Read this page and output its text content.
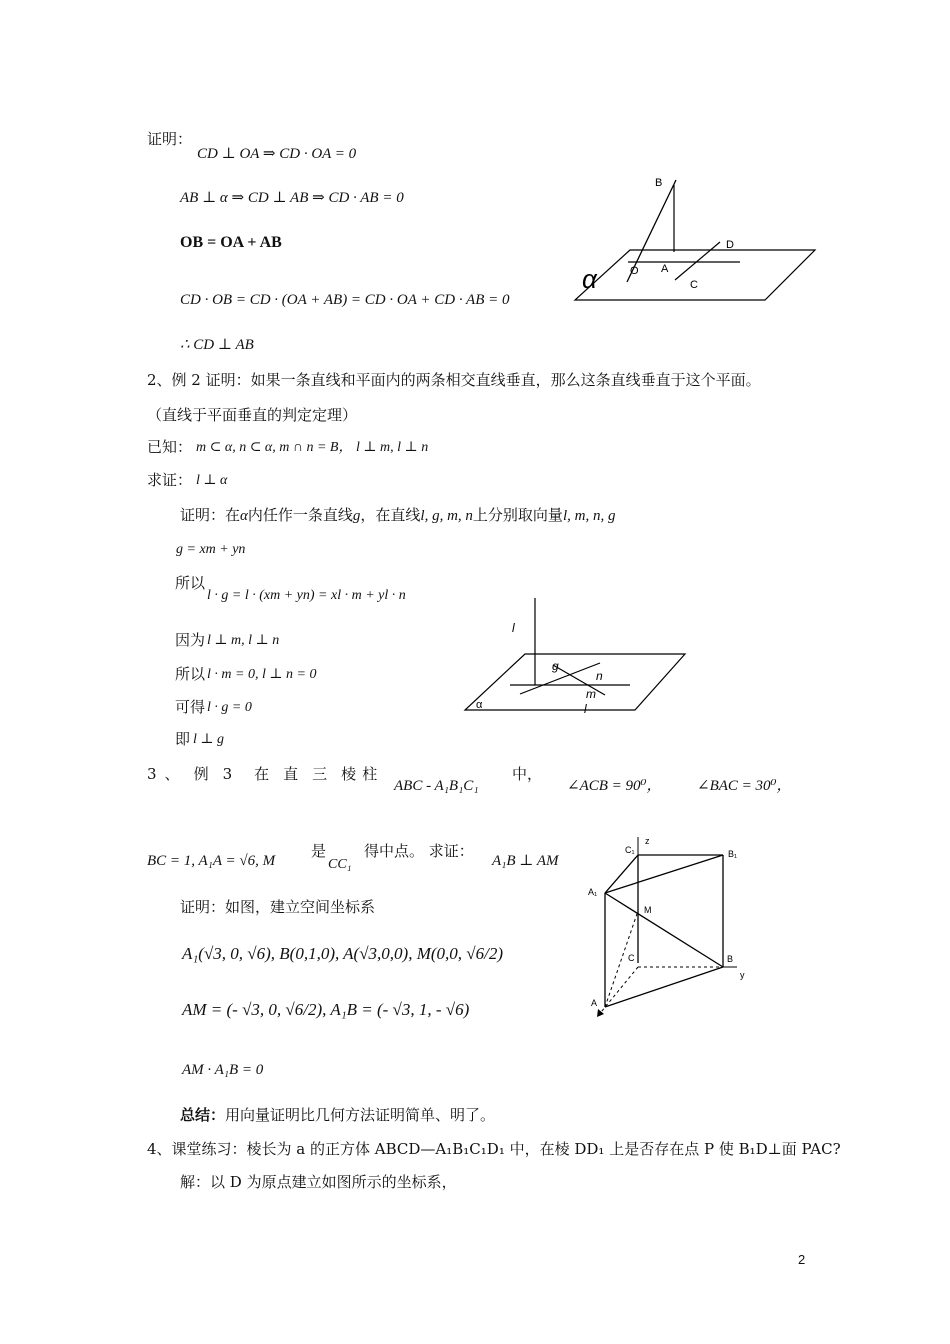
证明：
CD ⊥ OA ⇒ CD · OA = 0
AB ⊥ α ⇒ CD ⊥ AB ⇒ CD · AB = 0
OB = OA + AB
CD · OB = CD · (OA + AB) = CD · OA + CD · AB = 0
∴ CD ⊥ AB
B
D
O A
C
α
2、例 2 证明：如果一条直线和平面内的两条相交直线垂直，那么这条直线垂直于这个平面。
（直线于平面垂直的判定定理）
已知： m ⊂ α, n ⊂ α, m ∩ n = B， l ⊥ m, l ⊥ n
求证： l ⊥ α
证明：在α内任作一条直线g，在直线l, g, m, n上分别取向量l, m, n, g
g = xm + yn
所以
l · g = l · (xm + yn) = xl · m + yl · n
因为 l ⊥ m, l ⊥ n
所以 l · m = 0, l ⊥ n = 0
可得 l · g = 0
即 l ⊥ g
l
g
n
m
l
α
3 、 例 3 在 直 三 棱 柱
ABC - A₁B₁C₁
中，
∠ACB = 90⁰， ∠BAC = 30⁰，
BC = 1, A₁A = √6, M
是
CC₁
得中点。 求证：
A₁B ⊥ AM
证明：如图，建立空间坐标系
A₁(√3, 0, √6), B(0,1,0), A(√3,0,0), M(0,0, √6/2)
AM = (- √3, 0, √6/2), A₁B = (- √3, 1, - √6)
AM · A₁B = 0
C₁
z
B₁
A₁
M
C	B
y
A
总结：用向量证明比几何方法证明简单、明了。
4、课堂练习：棱长为 a 的正方体 ABCD—A₁B₁C₁D₁ 中，在棱 DD₁ 上是否存在点 P 使 B₁D⊥面 PAC?
解：以 D 为原点建立如图所示的坐标系，
2
